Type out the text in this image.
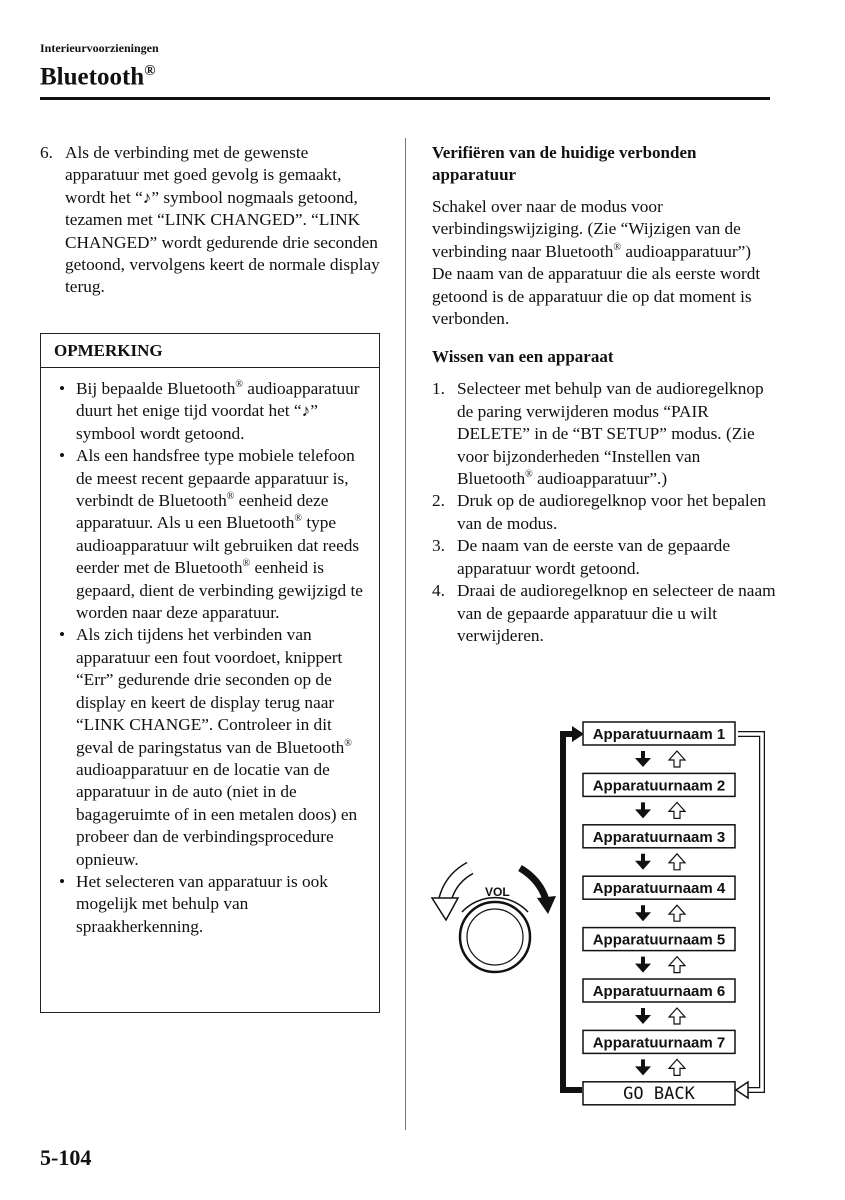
Interieurvoorzieningen
Bluetooth®
6. Als de verbinding met de gewenste apparatuur met goed gevolg is gemaakt, wordt het “♪” symbool nogmaals getoond, tezamen met “LINK CHANGED”. “LINK CHANGED” wordt gedurende drie seconden getoond, vervolgens keert de normale display terug.
OPMERKING
• Bij bepaalde Bluetooth® audioapparatuur duurt het enige tijd voordat het “♪” symbool wordt getoond.
• Als een handsfree type mobiele telefoon de meest recent gepaarde apparatuur is, verbindt de Bluetooth® eenheid deze apparatuur. Als u een Bluetooth® type audioapparatuur wilt gebruiken dat reeds eerder met de Bluetooth® eenheid is gepaard, dient de verbinding gewijzigd te worden naar deze apparatuur.
• Als zich tijdens het verbinden van apparatuur een fout voordoet, knippert “Err” gedurende drie seconden op de display en keert de display terug naar “LINK CHANGE”. Controleer in dit geval de paringstatus van de Bluetooth® audioapparatuur en de locatie van de apparatuur in de auto (niet in de bagageruimte of in een metalen doos) en probeer dan de verbindingsprocedure opnieuw.
• Het selecteren van apparatuur is ook mogelijk met behulp van spraakherkenning.
Verifiëren van de huidige verbonden apparatuur
Schakel over naar de modus voor verbindingswijziging. (Zie “Wijzigen van de verbinding naar Bluetooth® audioapparatuur”)
De naam van de apparatuur die als eerste wordt getoond is de apparatuur die op dat moment is verbonden.
Wissen van een apparaat
1. Selecteer met behulp van de audioregelknop de paring verwijderen modus “PAIR DELETE” in de “BT SETUP” modus. (Zie voor bijzonderheden “Instellen van Bluetooth® audioapparatuur”.)
2. Druk op de audioregelknop voor het bepalen van de modus.
3. De naam van de eerste van de gepaarde apparatuur wordt getoond.
4. Draai de audioregelknop en selecteer de naam van de gepaarde apparatuur die u wilt verwijderen.
VOL
Apparatuurnaam 1
Apparatuurnaam 2
Apparatuurnaam 3
Apparatuurnaam 4
Apparatuurnaam 5
Apparatuurnaam 6
Apparatuurnaam 7
GO BACK
5-104
